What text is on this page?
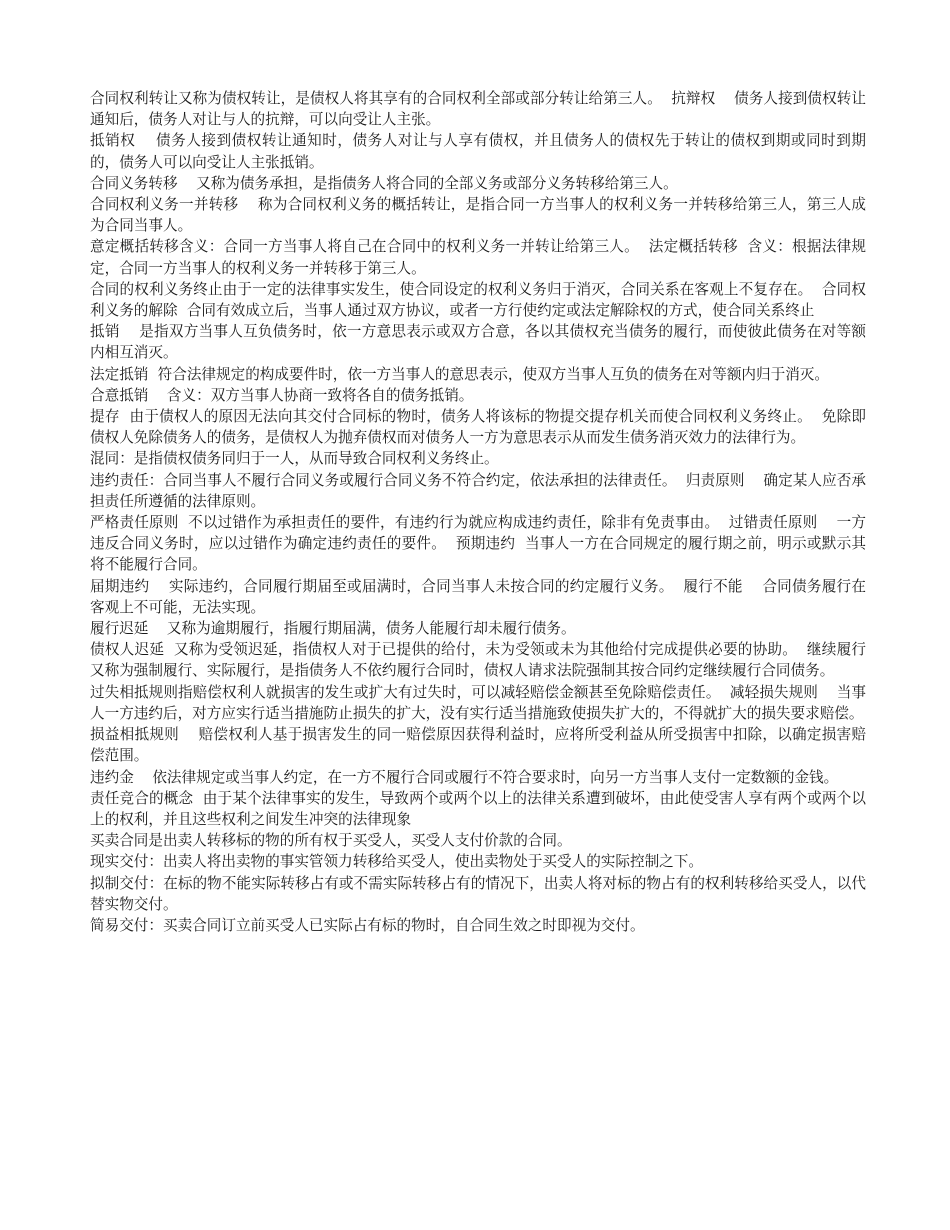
合同权利转让又称为债权转让，是债权人将其享有的合同权利全部或部分转让给第三人。  抗辩权    债务人接到债权转让通知后，债务人对让与人的抗辩，可以向受让人主张。

抵销权    债务人接到债权转让通知时，债务人对让与人享有债权，并且债务人的债权先于转让的债权到期或同时到期的，债务人可以向受让人主张抵销。

合同义务转移    又称为债务承担，是指债务人将合同的全部义务或部分义务转移给第三人。

合同权利义务一并转移    称为合同权利义务的概括转让，是指合同一方当事人的权利义务一并转移给第三人，第三人成为合同当事人。

意定概括转移含义：合同一方当事人将自己在合同中的权利义务一并转让给第三人。  法定概括转移  含义：根据法律规定，合同一方当事人的权利义务一并转移于第三人。

合同的权利义务终止由于一定的法律事实发生，使合同设定的权利义务归于消灭，合同关系在客观上不复存在。  合同权利义务的解除  合同有效成立后，当事人通过双方协议，或者一方行使约定或法定解除权的方式，使合同关系终止

抵销    是指双方当事人互负债务时，依一方意思表示或双方合意，各以其债权充当债务的履行，而使彼此债务在对等额内相互消灭。

法定抵销  符合法律规定的构成要件时，依一方当事人的意思表示，使双方当事人互负的债务在对等额内归于消灭。

合意抵销    含义：双方当事人协商一致将各自的债务抵销。

提存  由于债权人的原因无法向其交付合同标的物时，债务人将该标的物提交提存机关而使合同权利义务终止。  免除即债权人免除债务人的债务，是债权人为抛弃债权而对债务人一方为意思表示从而发生债务消灭效力的法律行为。

混同：是指债权债务同归于一人，从而导致合同权利义务终止。

违约责任：合同当事人不履行合同义务或履行合同义务不符合约定，依法承担的法律责任。  归责原则    确定某人应否承担责任所遵循的法律原则。

严格责任原则  不以过错作为承担责任的要件，有违约行为就应构成违约责任，除非有免责事由。  过错责任原则    一方违反合同义务时，应以过错作为确定违约责任的要件。  预期违约  当事人一方在合同规定的履行期之前，明示或默示其将不能履行合同。

届期违约    实际违约，合同履行期届至或届满时，合同当事人未按合同的约定履行义务。  履行不能    合同债务履行在客观上不可能，无法实现。

履行迟延    又称为逾期履行，指履行期届满，债务人能履行却未履行债务。

债权人迟延  又称为受领迟延，指债权人对于已提供的给付，未为受领或未为其他给付完成提供必要的协助。  继续履行    又称为强制履行、实际履行，是指债务人不依约履行合同时，债权人请求法院强制其按合同约定继续履行合同债务。

过失相抵规则指赔偿权利人就损害的发生或扩大有过失时，可以减轻赔偿金额甚至免除赔偿责任。  减轻损失规则    当事人一方违约后，对方应实行适当措施防止损失的扩大，没有实行适当措施致使损失扩大的，不得就扩大的损失要求赔偿。

损益相抵规则    赔偿权利人基于损害发生的同一赔偿原因获得利益时，应将所受利益从所受损害中扣除，以确定损害赔偿范围。

违约金    依法律规定或当事人约定，在一方不履行合同或履行不符合要求时，向另一方当事人支付一定数额的金钱。

责任竞合的概念  由于某个法律事实的发生，导致两个或两个以上的法律关系遭到破坏，由此使受害人享有两个或两个以上的权利，并且这些权利之间发生冲突的法律现象

买卖合同是出卖人转移标的物的所有权于买受人，买受人支付价款的合同。

现实交付：出卖人将出卖物的事实管领力转移给买受人，使出卖物处于买受人的实际控制之下。

拟制交付：在标的物不能实际转移占有或不需实际转移占有的情况下，出卖人将对标的物占有的权利转移给买受人，以代替实物交付。

简易交付：买卖合同订立前买受人已实际占有标的物时，自合同生效之时即视为交付。
